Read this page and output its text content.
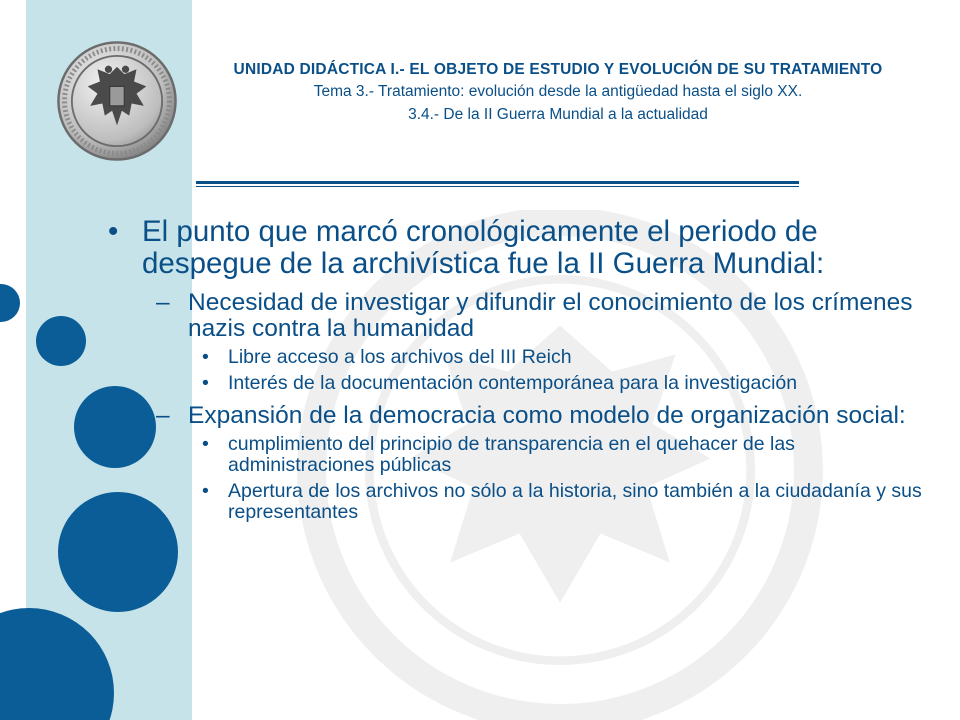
UNIDAD DIDÁCTICA I.- EL OBJETO DE ESTUDIO Y EVOLUCIÓN DE SU TRATAMIENTO
Tema 3.- Tratamiento: evolución desde la antigüedad hasta el siglo XX.
3.4.- De la II Guerra Mundial a la actualidad
• El punto que marcó cronológicamente el periodo de despegue de la archivística fue la II Guerra Mundial:
– Necesidad de investigar y difundir el conocimiento de los crímenes nazis contra la humanidad
• Libre acceso a los archivos del III Reich
• Interés de la documentación contemporánea para la investigación
– Expansión de la democracia como modelo de organización social:
• cumplimiento del principio de transparencia en el quehacer de las administraciones públicas
• Apertura de los archivos no sólo a la historia, sino también a la ciudadanía y sus representantes
